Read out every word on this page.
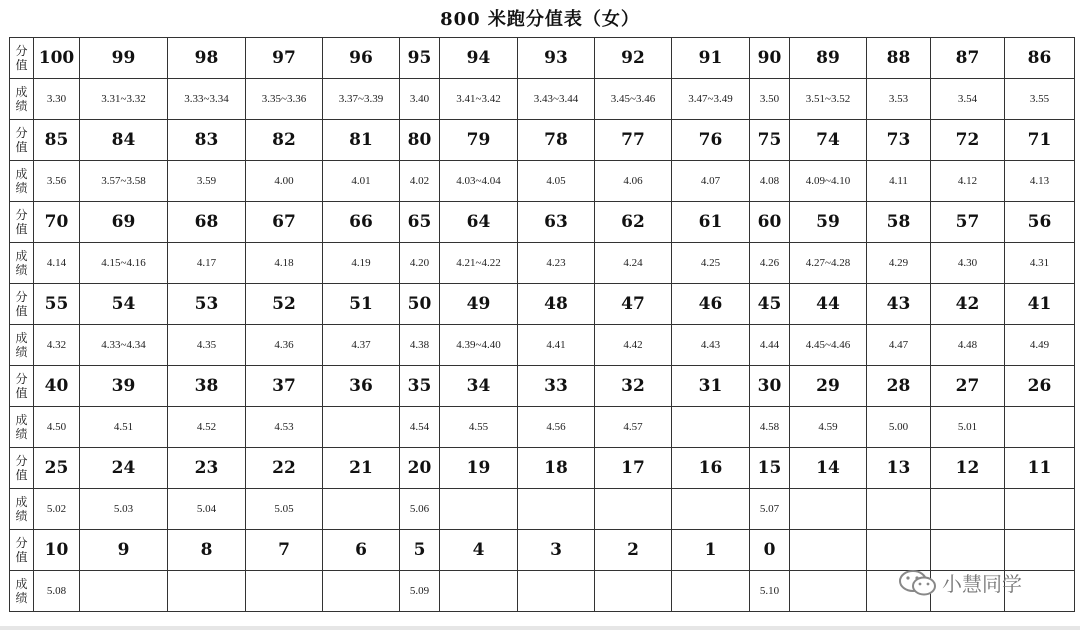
800 米跑分值表（女）
分
值	100	99	98	97	96	95	94	93	92	91	90	89	88	87	86

成
绩	3.30	3.31~3.32	3.33~3.34	3.35~3.36	3.37~3.39	3.40	3.41~3.42	3.43~3.44	3.45~3.46	3.47~3.49	3.50	3.51~3.52	3.53	3.54	3.55

分
值	85	84	83	82	81	80	79	78	77	76	75	74	73	72	71

成
绩	3.56	3.57~3.58	3.59	4.00	4.01	4.02	4.03~4.04	4.05	4.06	4.07	4.08	4.09~4.10	4.11	4.12	4.13

分
值	70	69	68	67	66	65	64	63	62	61	60	59	58	57	56

成
绩	4.14	4.15~4.16	4.17	4.18	4.19	4.20	4.21~4.22	4.23	4.24	4.25	4.26	4.27~4.28	4.29	4.30	4.31

分
值	55	54	53	52	51	50	49	48	47	46	45	44	43	42	41

成
绩	4.32	4.33~4.34	4.35	4.36	4.37	4.38	4.39~4.40	4.41	4.42	4.43	4.44	4.45~4.46	4.47	4.48	4.49

分
值	40	39	38	37	36	35	34	33	32	31	30	29	28	27	26

成
绩	4.50	4.51	4.52	4.53		4.54	4.55	4.56	4.57		4.58	4.59	5.00	5.01	

分
值	25	24	23	22	21	20	19	18	17	16	15	14	13	12	11

成
绩	5.02	5.03	5.04	5.05		5.06					5.07				

分
值	10	9	8	7	6	5	4	3	2	1	0				

成
绩	5.08					5.09					5.10					小慧同学
